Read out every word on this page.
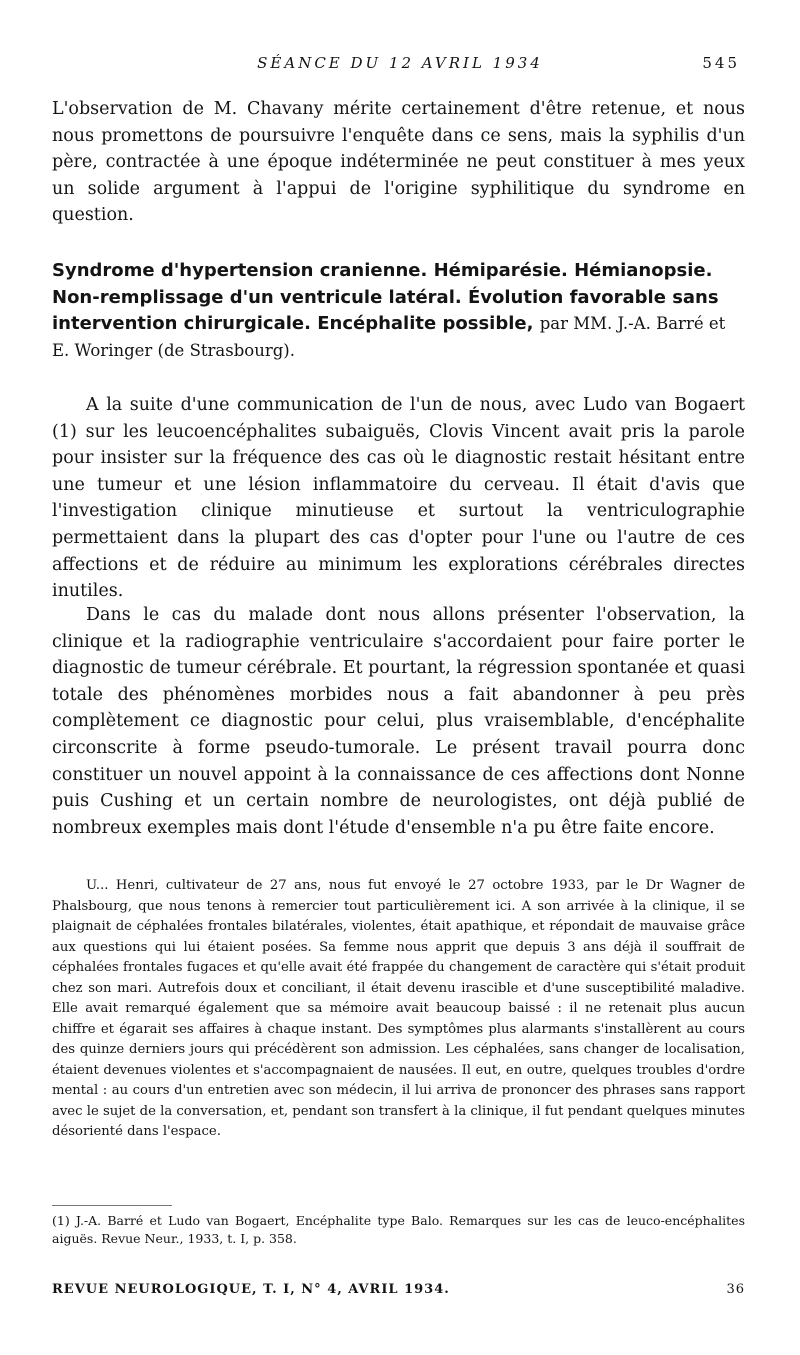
SÉANCE DU 12 AVRIL 1934	545

L'observation de M. Chavany mérite certainement d'être retenue, et nous nous promettons de poursuivre l'enquête dans ce sens, mais la syphilis d'un père, contractée à une époque indéterminée ne peut constituer à mes yeux un solide argument à l'appui de l'origine syphilitique du syndrome en question.

Syndrome d'hypertension cranienne. Hémiparésie. Hémianopsie. Non-remplissage d'un ventricule latéral. Évolution favorable sans intervention chirurgicale. Encéphalite possible, par MM. J.-A. Barré et E. Woringer (de Strasbourg).

A la suite d'une communication de l'un de nous, avec Ludo van Bogaert (1) sur les leucoencéphalites subaiguës, Clovis Vincent avait pris la parole pour insister sur la fréquence des cas où le diagnostic restait hésitant entre une tumeur et une lésion inflammatoire du cerveau. Il était d'avis que l'investigation clinique minutieuse et surtout la ventriculographie permettaient dans la plupart des cas d'opter pour l'une ou l'autre de ces affections et de réduire au minimum les explorations cérébrales directes inutiles.

Dans le cas du malade dont nous allons présenter l'observation, la clinique et la radiographie ventriculaire s'accordaient pour faire porter le diagnostic de tumeur cérébrale. Et pourtant, la régression spontanée et quasi totale des phénomènes morbides nous a fait abandonner à peu près complètement ce diagnostic pour celui, plus vraisemblable, d'encéphalite circonscrite à forme pseudo-tumorale. Le présent travail pourra donc constituer un nouvel appoint à la connaissance de ces affections dont Nonne puis Cushing et un certain nombre de neurologistes, ont déjà publié de nombreux exemples mais dont l'étude d'ensemble n'a pu être faite encore.

U... Henri, cultivateur de 27 ans, nous fut envoyé le 27 octobre 1933, par le Dr Wagner de Phalsbourg, que nous tenons à remercier tout particulièrement ici. A son arrivée à la clinique, il se plaignait de céphalées frontales bilatérales, violentes, était apathique, et répondait de mauvaise grâce aux questions qui lui étaient posées. Sa femme nous apprit que depuis 3 ans déjà il souffrait de céphalées frontales fugaces et qu'elle avait été frappée du changement de caractère qui s'était produit chez son mari. Autrefois doux et conciliant, il était devenu irascible et d'une susceptibilité maladive. Elle avait remarqué également que sa mémoire avait beaucoup baissé : il ne retenait plus aucun chiffre et égarait ses affaires à chaque instant. Des symptômes plus alarmants s'installèrent au cours des quinze derniers jours qui précédèrent son admission. Les céphalées, sans changer de localisation, étaient devenues violentes et s'accompagnaient de nausées. Il eut, en outre, quelques troubles d'ordre mental : au cours d'un entretien avec son médecin, il lui arriva de prononcer des phrases sans rapport avec le sujet de la conversation, et, pendant son transfert à la clinique, il fut pendant quelques minutes désorienté dans l'espace.

(1) J.-A. Barré et Ludo van Bogaert, Encéphalite type Balo. Remarques sur les cas de leuco-encéphalites aiguës. Revue Neur., 1933, t. I, p. 358.

REVUE NEUROLOGIQUE, T. I, N° 4, AVRIL 1934.	36
